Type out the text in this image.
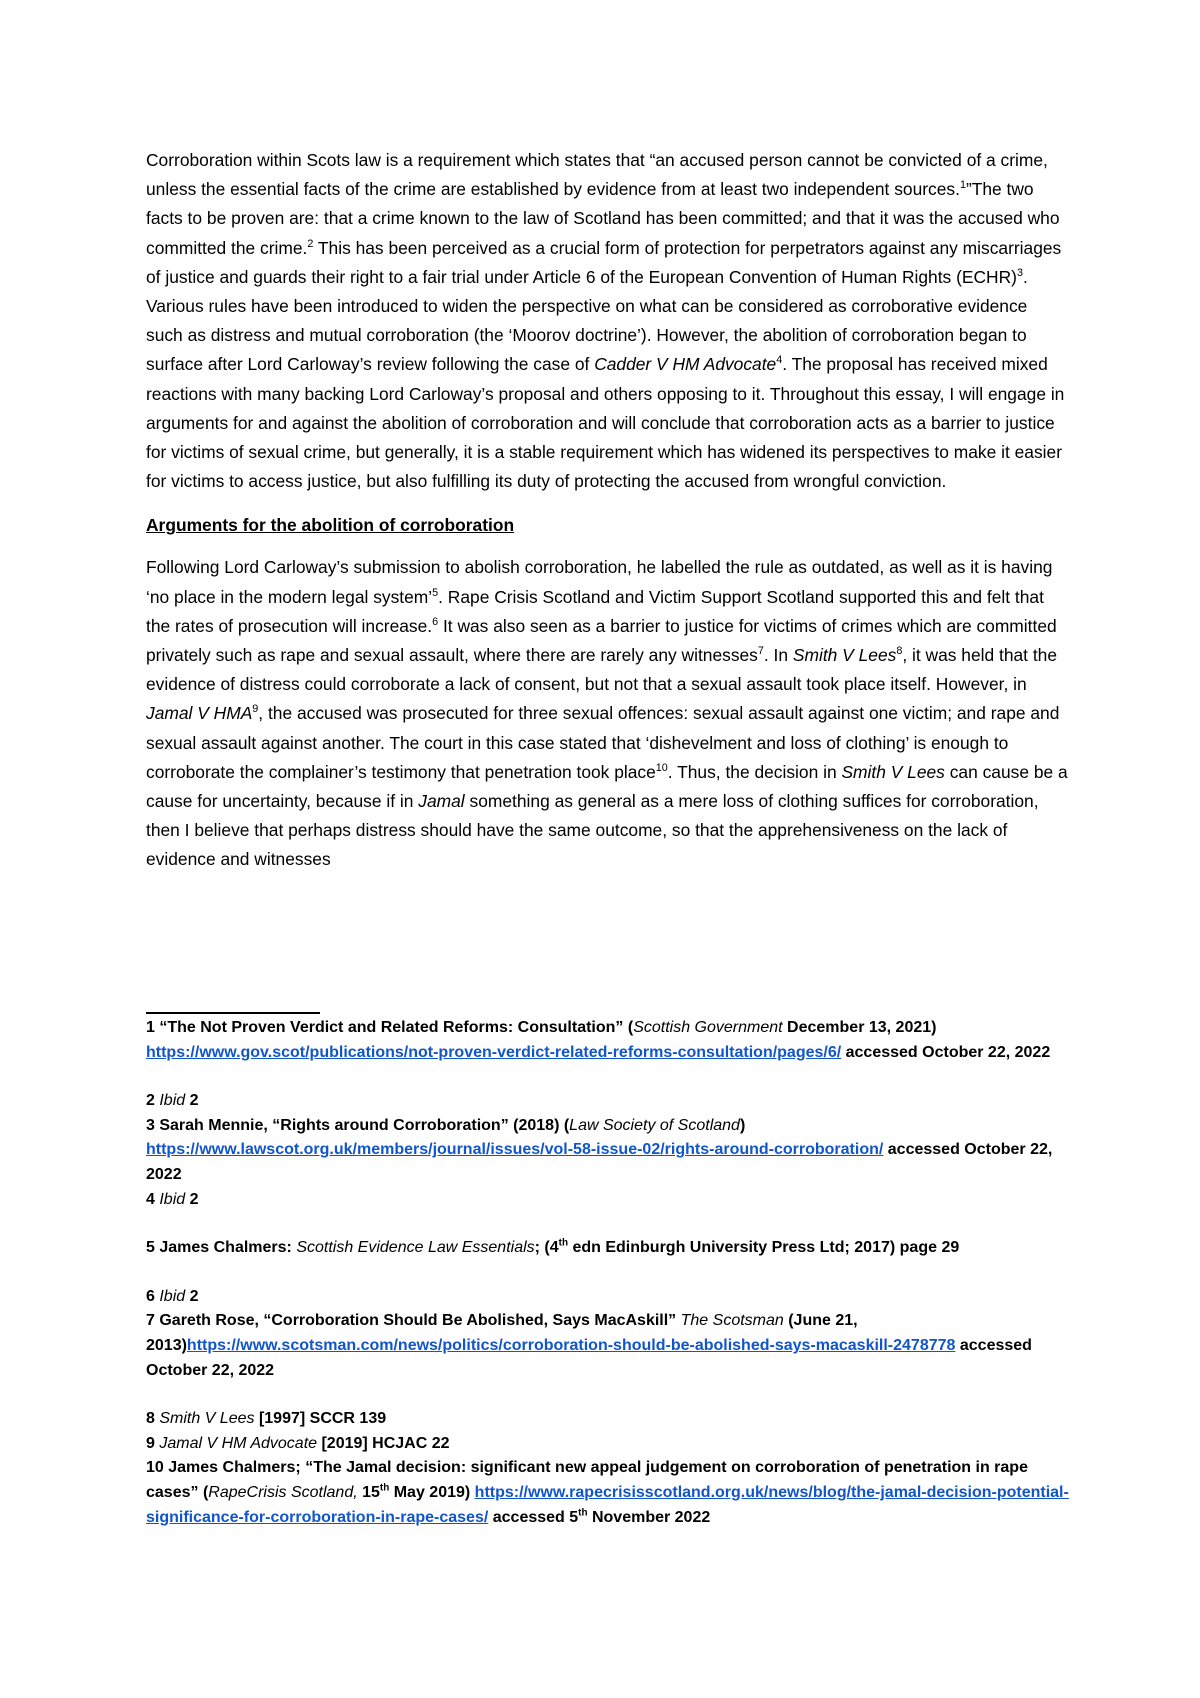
Corroboration within Scots law is a requirement which states that “an accused person cannot be convicted of a crime, unless the essential facts of the crime are established by evidence from at least two independent sources.$^1$”The two facts to be proven are: that a crime known to the law of Scotland has been committed; and that it was the accused who committed the crime.$^2$ This has been perceived as a crucial form of protection for perpetrators against any miscarriages of justice and guards their right to a fair trial under Article 6 of the European Convention of Human Rights (ECHR)$^3$. Various rules have been introduced to widen the perspective on what can be considered as corroborative evidence such as distress and mutual corroboration (the ‘Moorov doctrine’). However, the abolition of corroboration began to surface after Lord Carloway’s review following the case of Cadder V HM Advocate$^4$. The proposal has received mixed reactions with many backing Lord Carloway’s proposal and others opposing to it. Throughout this essay, I will engage in arguments for and against the abolition of corroboration and will conclude that corroboration acts as a barrier to justice for victims of sexual crime, but generally, it is a stable requirement which has widened its perspectives to make it easier for victims to access justice, but also fulfilling its duty of protecting the accused from wrongful conviction.

Arguments for the abolition of corroboration

Following Lord Carloway’s submission to abolish corroboration, he labelled the rule as outdated, as well as it is having ‘no place in the modern legal system’$^5$. Rape Crisis Scotland and Victim Support Scotland supported this and felt that the rates of prosecution will increase.$^6$ It was also seen as a barrier to justice for victims of crimes which are committed privately such as rape and sexual assault, where there are rarely any witnesses$^7$. In Smith V Lees$^8$, it was held that the evidence of distress could corroborate a lack of consent, but not that a sexual assault took place itself. However, in Jamal V HMA$^9$, the accused was prosecuted for three sexual offences: sexual assault against one victim; and rape and sexual assault against another. The court in this case stated that ‘dishevelment and loss of clothing’ is enough to corroborate the complainer’s testimony that penetration took place$^{10}$. Thus, the decision in Smith V Lees can cause be a cause for uncertainty, because if in Jamal something as general as a mere loss of clothing suffices for corroboration, then I believe that perhaps distress should have the same outcome, so that the apprehensiveness on the lack of evidence and witnesses

1 “The Not Proven Verdict and Related Reforms: Consultation” (Scottish Government December 13, 2021) https://www.gov.scot/publications/not-proven-verdict-related-reforms-consultation/pages/6/ accessed October 22, 2022

2 Ibid 2

3 Sarah Mennie, “Rights around Corroboration” (2018) (Law Society of Scotland) https://www.lawscot.org.uk/members/journal/issues/vol-58-issue-02/rights-around-corroboration/ accessed October 22, 2022

4 Ibid 2

5 James Chalmers: Scottish Evidence Law Essentials; (4th edn Edinburgh University Press Ltd; 2017) page 29

6 Ibid 2

7 Gareth Rose, “Corroboration Should Be Abolished, Says MacAskill” The Scotsman (June 21, 2013)https://www.scotsman.com/news/politics/corroboration-should-be-abolished-says-macaskill-2478778 accessed October 22, 2022

8 Smith V Lees [1997] SCCR 139

9 Jamal V HM Advocate [2019] HCJAC 22

10 James Chalmers; “The Jamal decision: significant new appeal judgement on corroboration of penetration in rape cases” (RapeCrisis Scotland, 15th May 2019) https://www.rapecrisisscotland.org.uk/news/blog/the-jamal-decision-potential-significance-for-corroboration-in-rape-cases/ accessed 5th November 2022
